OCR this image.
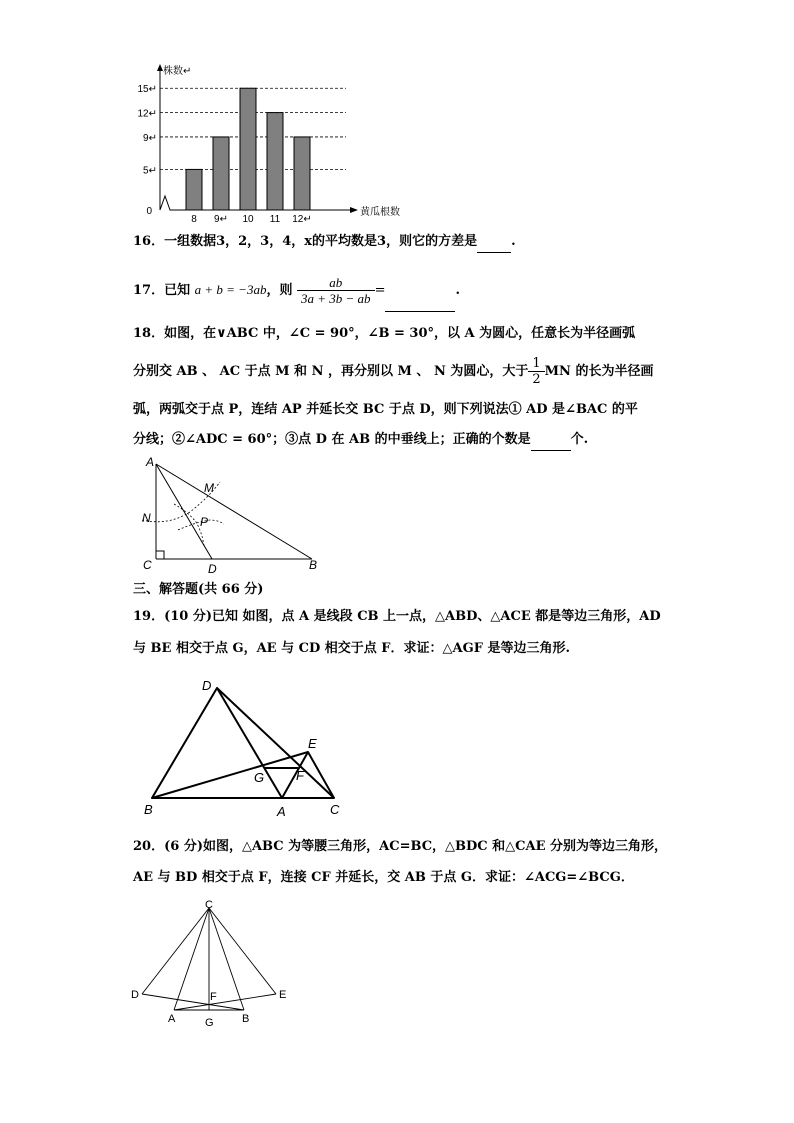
5↵
9↵
12↵
15↵
8 9↵ 10 11 12↵
株数↵
黄瓜根数
0
16．一组数据3，2，3，4，x的平均数是3，则它的方差是	.
17．已知 a + b = −3ab，则 $\frac{ab}{3a + 3b - ab}$ =	.
18．如图，在∨ABC 中，∠C = 90°，∠B = 30°，以 A 为圆心，任意长为半径画弧
分别交 AB 、 AC 于点 M 和 N ，再分别以 M 、 N 为圆心，大于 $\frac{1}{2}$ MN 的长为半径画
弧，两弧交于点 P，连结 AP 并延长交 BC 于点 D，则下列说法① AD 是∠BAC 的平
分线；②∠ADC = 60°；③点 D 在 AB 的中垂线上；正确的个数是	个.
A
C	B
D
M
N	P
三、解答题(共 66 分)
19．(10 分)已知 如图，点 A 是线段 CB 上一点，△ABD、△ACE 都是等边三角形，AD
与 BE 相交于点 G，AE 与 CD 相交于点 F．求证：△AGF 是等边三角形.
D
E
G F
B	A	C
20．(6 分)如图，△ABC 为等腰三角形，AC=BC，△BDC 和△CAE 分别为等边三角形，
AE 与 BD 相交于点 F，连接 CF 并延长，交 AB 于点 G．求证：∠ACG=∠BCG．
C
D	E
F
A	G	B
